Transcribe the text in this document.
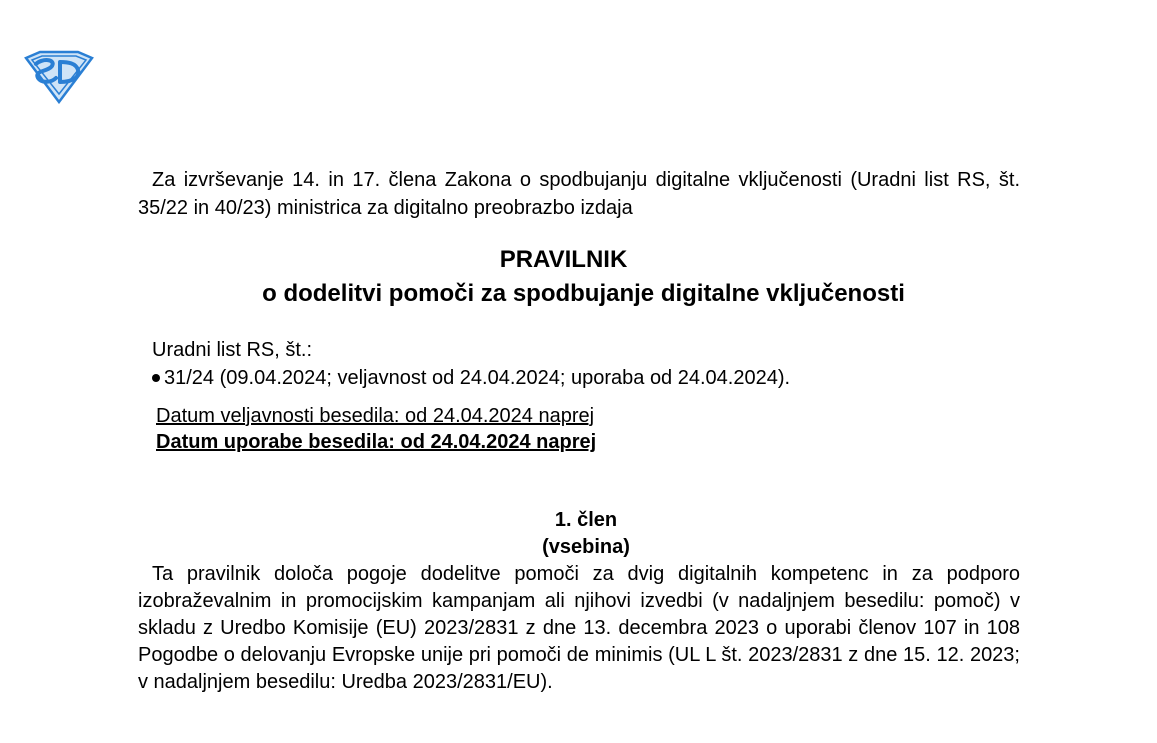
Za izvrševanje 14. in 17. člena Zakona o spodbujanju digitalne vključenosti (Uradni list RS, št. 35/22 in 40/23) ministrica za digitalno preobrazbo izdaja
PRAVILNIK
o dodelitvi pomoči za spodbujanje digitalne vključenosti
Uradni list RS, št.:
31/24 (09.04.2024; veljavnost od 24.04.2024; uporaba od 24.04.2024).
Datum veljavnosti besedila: od 24.04.2024 naprej
Datum uporabe besedila: od 24.04.2024 naprej
1. člen
(vsebina)
Ta pravilnik določa pogoje dodelitve pomoči za dvig digitalnih kompetenc in za podporo izobraževalnim in promocijskim kampanjam ali njihovi izvedbi (v nadaljnjem besedilu: pomoč) v skladu z Uredbo Komisije (EU) 2023/2831 z dne 13. decembra 2023 o uporabi členov 107 in 108 Pogodbe o delovanju Evropske unije pri pomoči de minimis (UL L št. 2023/2831 z dne 15. 12. 2023; v nadaljnjem besedilu: Uredba 2023/2831/EU).
